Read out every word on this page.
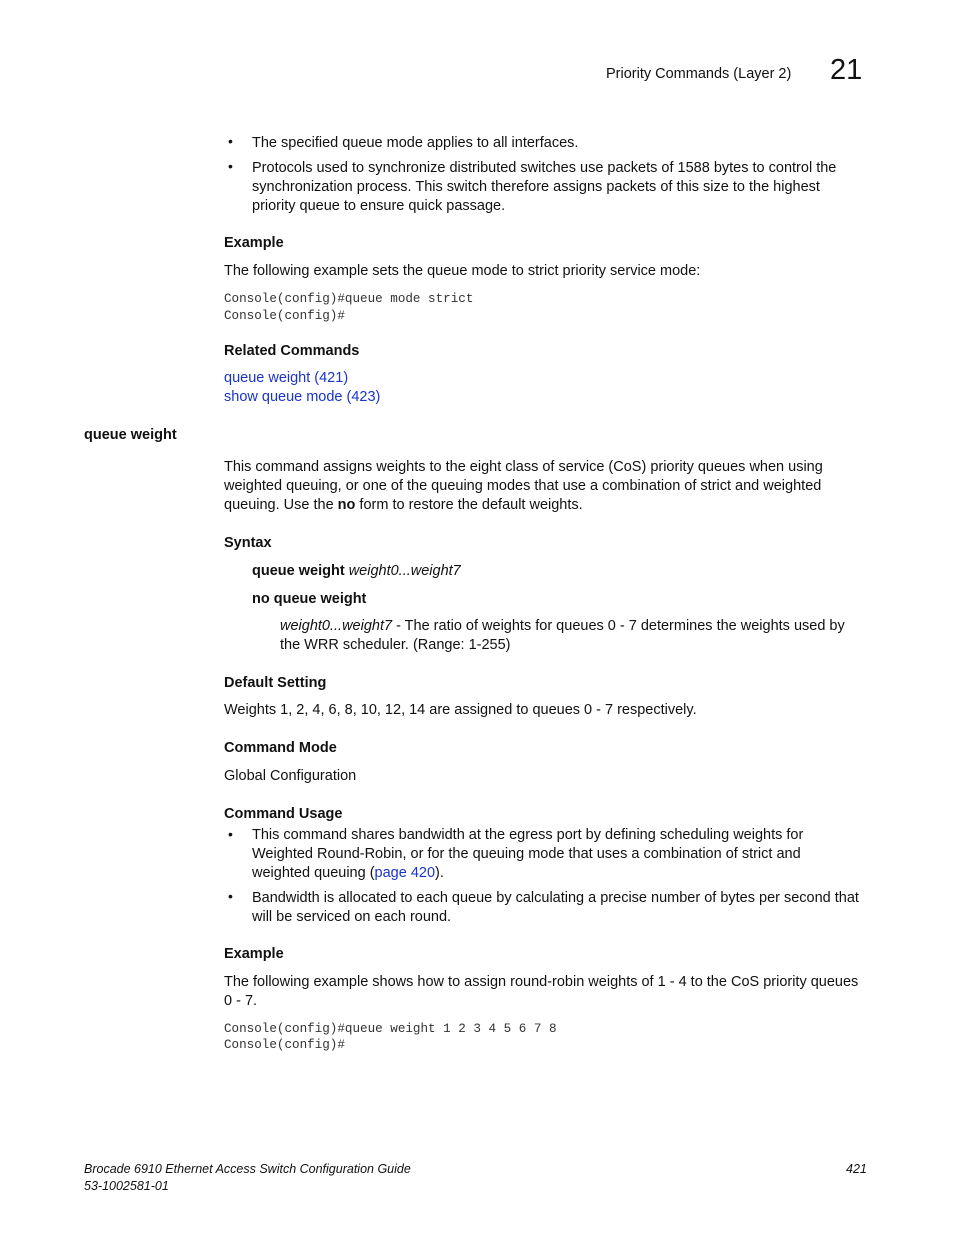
Priority Commands (Layer 2) 21
• The specified queue mode applies to all interfaces.
• Protocols used to synchronize distributed switches use packets of 1588 bytes to control the synchronization process. This switch therefore assigns packets of this size to the highest priority queue to ensure quick passage.
Example
The following example sets the queue mode to strict priority service mode:
Console(config)#queue mode strict
Console(config)#
Related Commands
queue weight (421)
show queue mode (423)
queue weight
This command assigns weights to the eight class of service (CoS) priority queues when using weighted queuing, or one of the queuing modes that use a combination of strict and weighted queuing. Use the no form to restore the default weights.
Syntax
queue weight weight0...weight7
no queue weight
weight0...weight7 - The ratio of weights for queues 0 - 7 determines the weights used by the WRR scheduler. (Range: 1-255)
Default Setting
Weights 1, 2, 4, 6, 8, 10, 12, 14 are assigned to queues 0 - 7 respectively.
Command Mode
Global Configuration
Command Usage
• This command shares bandwidth at the egress port by defining scheduling weights for Weighted Round-Robin, or for the queuing mode that uses a combination of strict and weighted queuing (page 420).
• Bandwidth is allocated to each queue by calculating a precise number of bytes per second that will be serviced on each round.
Example
The following example shows how to assign round-robin weights of 1 - 4 to the CoS priority queues 0 - 7.
Console(config)#queue weight 1 2 3 4 5 6 7 8
Console(config)#
Brocade 6910 Ethernet Access Switch Configuration Guide
53-1002581-01
421
